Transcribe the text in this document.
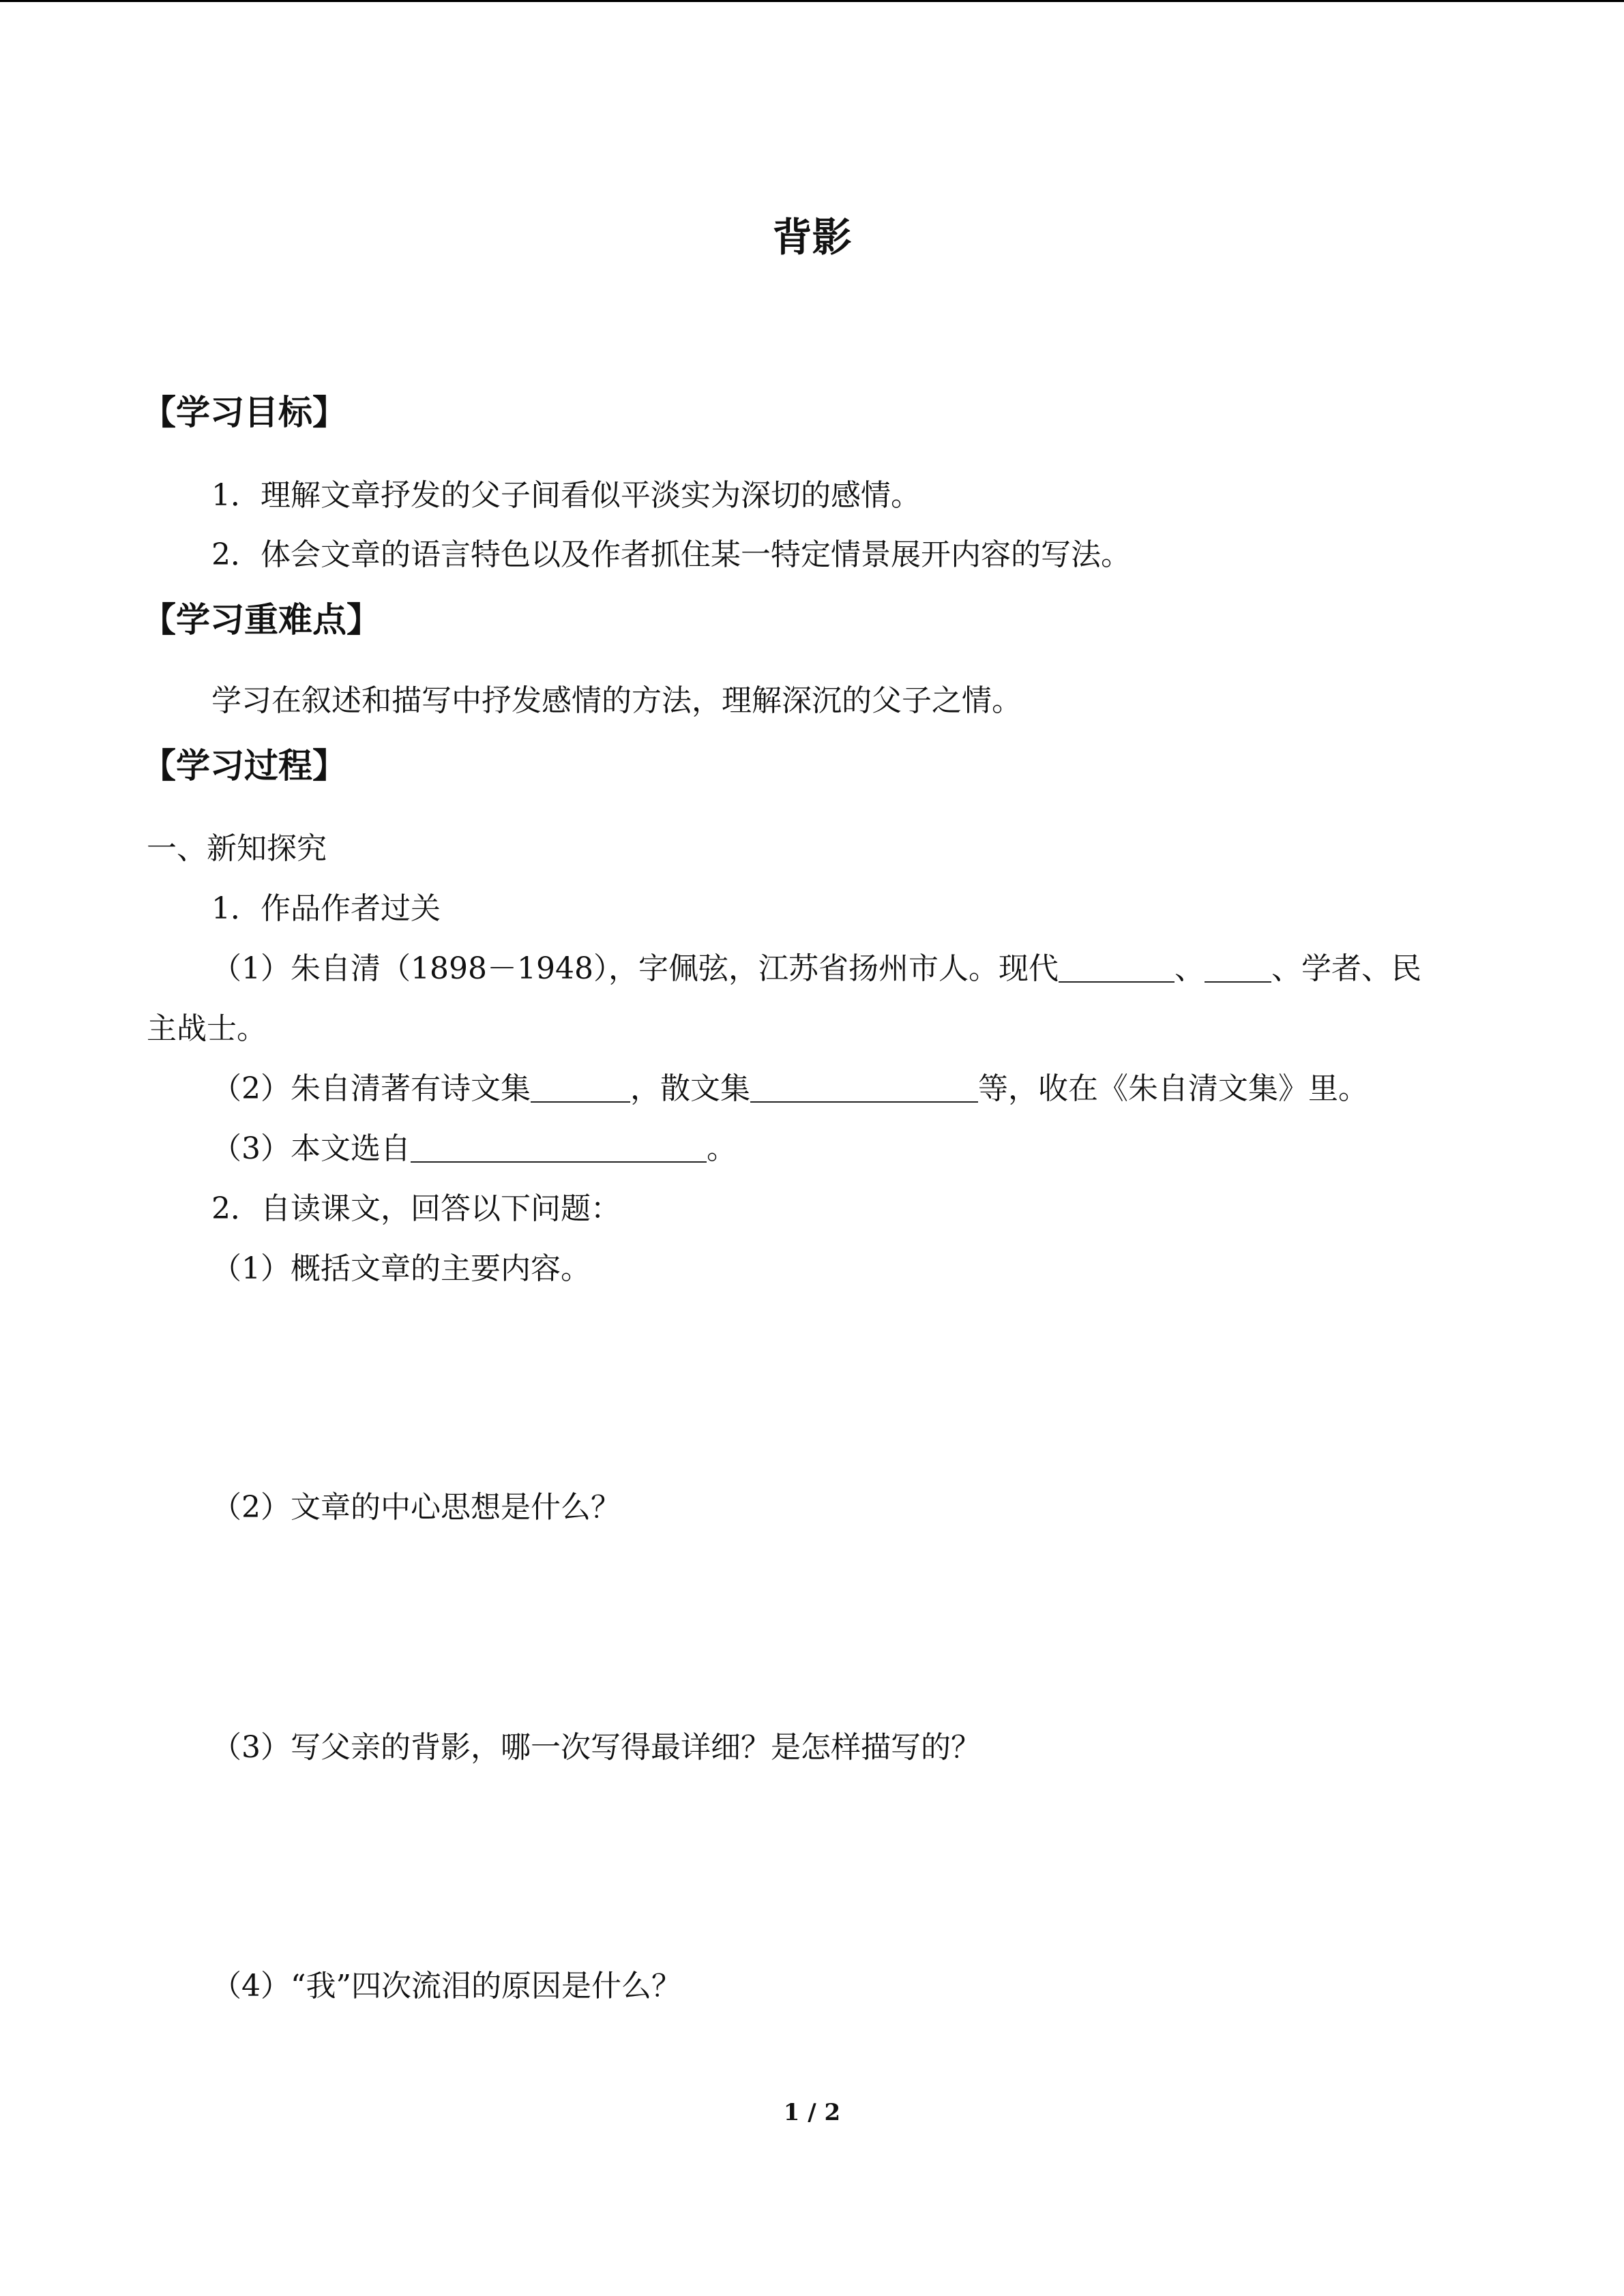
背影
【学习目标】
1．理解文章抒发的父子间看似平淡实为深切的感情。
2．体会文章的语言特色以及作者抓住某一特定情景展开内容的写法。
【学习重难点】
学习在叙述和描写中抒发感情的方法，理解深沉的父子之情。
【学习过程】
一、新知探究
1．作品作者过关
（1）朱自清（1898－1948），字佩弦，江苏省扬州市人。现代	、 、学者、民
主战士。
（2）朱自清著有诗文集	，散文集	等，收在《朱自清文集》里。
（3）本文选自	。
2．自读课文，回答以下问题：
（1）概括文章的主要内容。
（2）文章的中心思想是什么？
（3）写父亲的背影，哪一次写得最详细？是怎样描写的？
（4）“我”四次流泪的原因是什么？
1 / 2
